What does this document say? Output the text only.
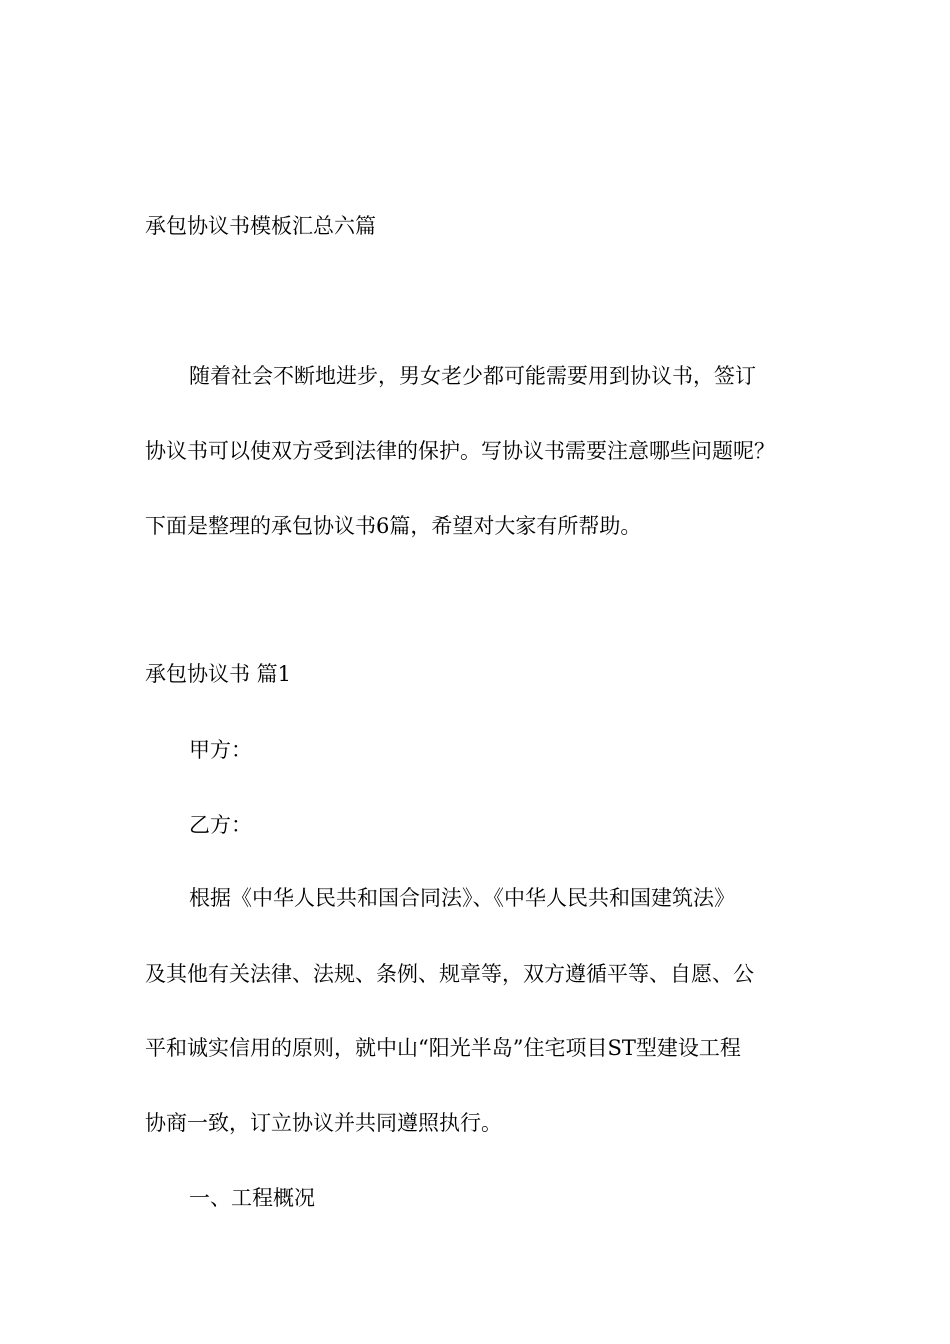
承包协议书模板汇总六篇

随着社会不断地进步，男女老少都可能需要用到协议书，签订

协议书可以使双方受到法律的保护。写协议书需要注意哪些问题呢？

下面是整理的承包协议书6篇，希望对大家有所帮助。

承包协议书 篇1

甲方：

乙方：

根据《中华人民共和国合同法》、《中华人民共和国建筑法》

及其他有关法律、法规、条例、规章等，双方遵循平等、自愿、公

平和诚实信用的原则，就中山“阳光半岛”住宅项目ST型建设工程

协商一致，订立协议并共同遵照执行。

一、工程概况
